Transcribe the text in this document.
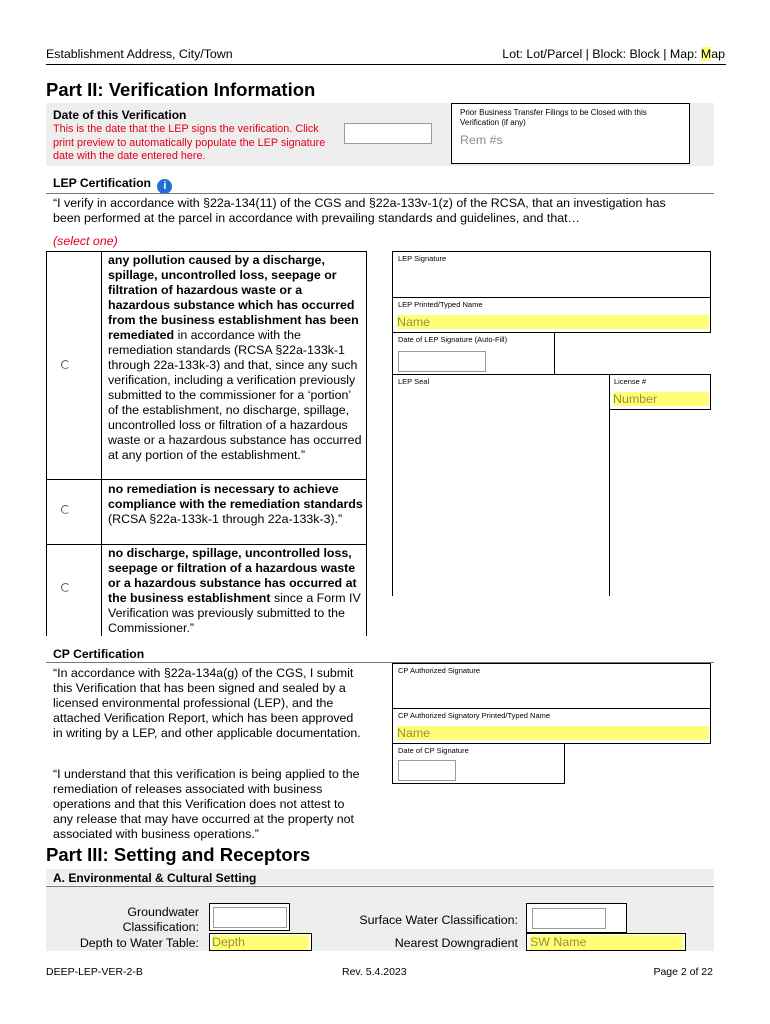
Establishment Address, City/Town	Lot: Lot/Parcel | Block: Block | Map: Map
Part II: Verification Information
Date of this Verification
This is the date that the LEP signs the verification. Click print preview to automatically populate the LEP signature date with the date entered here.
Prior Business Transfer Filings to be Closed with this Verification (if any)
Rem #s
LEP Certification i
“I verify in accordance with §22a-134(11) of the CGS and §22a-133v-1(z) of the RCSA, that an investigation has been performed at the parcel in accordance with prevailing standards and guidelines, and that…
(select one)
any pollution caused by a discharge, spillage, uncontrolled loss, seepage or filtration of hazardous waste or a hazardous substance which has occurred from the business establishment has been remediated in accordance with the remediation standards (RCSA §22a-133k-1 through 22a-133k-3) and that, since any such verification, including a verification previously submitted to the commissioner for a ‘portion’ of the establishment, no discharge, spillage, uncontrolled loss or filtration of a hazardous waste or a hazardous substance has occurred at any portion of the establishment.”
no remediation is necessary to achieve compliance with the remediation standards (RCSA §22a-133k-1 through 22a-133k-3).”
no discharge, spillage, uncontrolled loss, seepage or filtration of a hazardous waste or a hazardous substance has occurred at the business establishment since a Form IV Verification was previously submitted to the Commissioner.”
LEP Signature
LEP Printed/Typed Name
Name
Date of LEP Signature (Auto-Fill)
LEP Seal	License #
Number
CP Certification
“In accordance with §22a-134a(g) of the CGS, I submit this Verification that has been signed and sealed by a licensed environmental professional (LEP), and the attached Verification Report, which has been approved in writing by a LEP, and other applicable documentation.
“I understand that this verification is being applied to the remediation of releases associated with business operations and that this Verification does not attest to any release that may have occurred at the property not associated with business operations.”
CP Authorized Signature
CP Authorized Signatory Printed/Typed Name
Name
Date of CP Signature
Part III: Setting and Receptors
A. Environmental & Cultural Setting
Groundwater
Classification:
Depth to Water Table: Depth
Surface Water Classification:
Nearest Downgradient SW Name
DEEP-LEP-VER-2-B	Rev. 5.4.2023	Page 2 of 22
